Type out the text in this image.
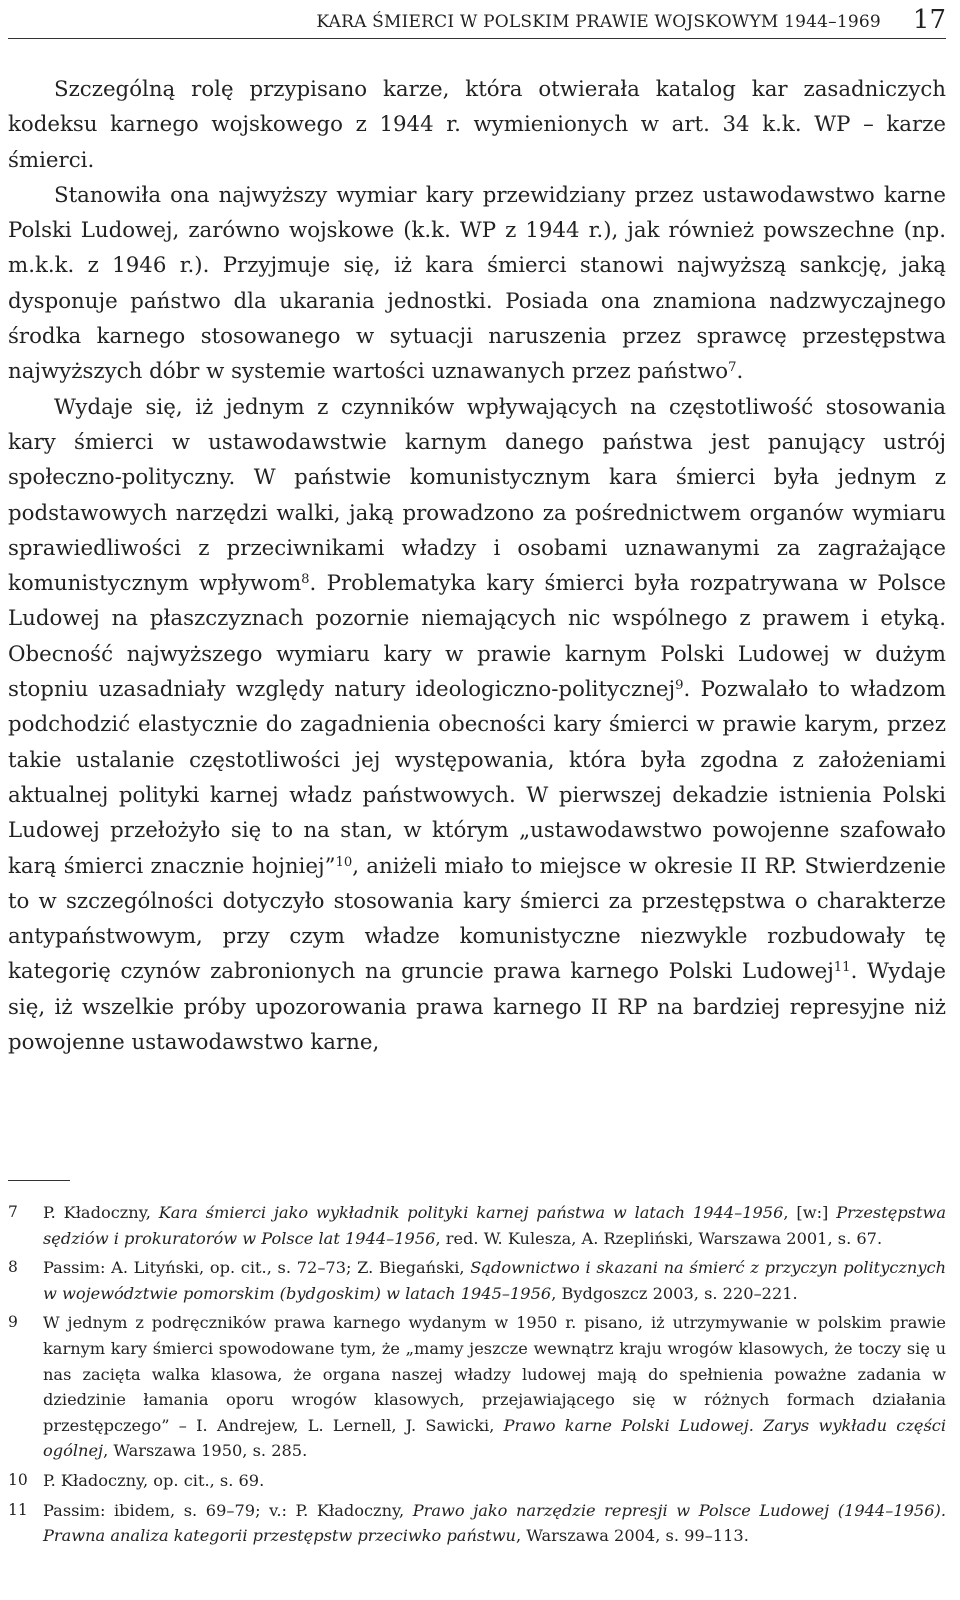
KARA ŚMIERCI W POLSKIM PRAWIE WOJSKOWYM 1944–1969 17

Szczególną rolę przypisano karze, która otwierała katalog kar zasadniczych kodeksu karnego wojskowego z 1944 r. wymienionych w art. 34 k.k. WP – karze śmierci.

Stanowiła ona najwyższy wymiar kary przewidziany przez ustawodawstwo karne Polski Ludowej, zarówno wojskowe (k.k. WP z 1944 r.), jak również powszechne (np. m.k.k. z 1946 r.). Przyjmuje się, iż kara śmierci stanowi najwyższą sankcję, jaką dysponuje państwo dla ukarania jednostki. Posiada ona znamiona nadzwyczajnego środka karnego stosowanego w sytuacji naruszenia przez sprawcę przestępstwa najwyższych dóbr w systemie wartości uznawanych przez państwo$^7$.

Wydaje się, iż jednym z czynników wpływających na częstotliwość stosowania kary śmierci w ustawodawstwie karnym danego państwa jest panujący ustrój społeczno-polityczny. W państwie komunistycznym kara śmierci była jednym z podstawowych narzędzi walki, jaką prowadzono za pośrednictwem organów wymiaru sprawiedliwości z przeciwnikami władzy i osobami uznawanymi za zagrażające komunistycznym wpływom$^8$. Problematyka kary śmierci była rozpatrywana w Polsce Ludowej na płaszczyznach pozornie niemających nic wspólnego z prawem i etyką. Obecność najwyższego wymiaru kary w prawie karnym Polski Ludowej w dużym stopniu uzasadniały względy natury ideologiczno-politycznej$^9$. Pozwalało to władzom podchodzić elastycznie do zagadnienia obecności kary śmierci w prawie karym, przez takie ustalanie częstotliwości jej występowania, która była zgodna z założeniami aktualnej polityki karnej władz państwowych. W pierwszej dekadzie istnienia Polski Ludowej przełożyło się to na stan, w którym „ustawodawstwo powojenne szafowało karą śmierci znacznie hojniej”$^{10}$, aniżeli miało to miejsce w okresie II RP. Stwierdzenie to w szczególności dotyczyło stosowania kary śmierci za przestępstwa o charakterze antypaństwowym, przy czym władze komunistyczne niezwykle rozbudowały tę kategorię czynów zabronionych na gruncie prawa karnego Polski Ludowej$^{11}$. Wydaje się, iż wszelkie próby upozorowania prawa karnego II RP na bardziej represyjne niż powojenne ustawodawstwo karne,

7	P. Kładoczny, Kara śmierci jako wykładnik polityki karnej państwa w latach 1944–1956, [w:] Przestępstwa sędziów i prokuratorów w Polsce lat 1944–1956, red. W. Kulesza, A. Rzepliński, Warszawa 2001, s. 67.
8	Passim: A. Lityński, op. cit., s. 72–73; Z. Biegański, Sądownictwo i skazani na śmierć z przyczyn politycznych w województwie pomorskim (bydgoskim) w latach 1945–1956, Bydgoszcz 2003, s. 220–221.
9	W jednym z podręczników prawa karnego wydanym w 1950 r. pisano, iż utrzymywanie w polskim prawie karnym kary śmierci spowodowane tym, że „mamy jeszcze wewnątrz kraju wrogów klasowych, że toczy się u nas zacięta walka klasowa, że organa naszej władzy ludowej mają do spełnienia poważne zadania w dziedzinie łamania oporu wrogów klasowych, przejawiającego się w różnych formach działania przestępczego” – I. Andrejew, L. Lernell, J. Sawicki, Prawo karne Polski Ludowej. Zarys wykładu części ogólnej, Warszawa 1950, s. 285.
10 P. Kładoczny, op. cit., s. 69.
11 Passim: ibidem, s. 69–79; v.: P. Kładoczny, Prawo jako narzędzie represji w Polsce Ludowej (1944–1956). Prawna analiza kategorii przestępstw przeciwko państwu, Warszawa 2004, s. 99–113.
